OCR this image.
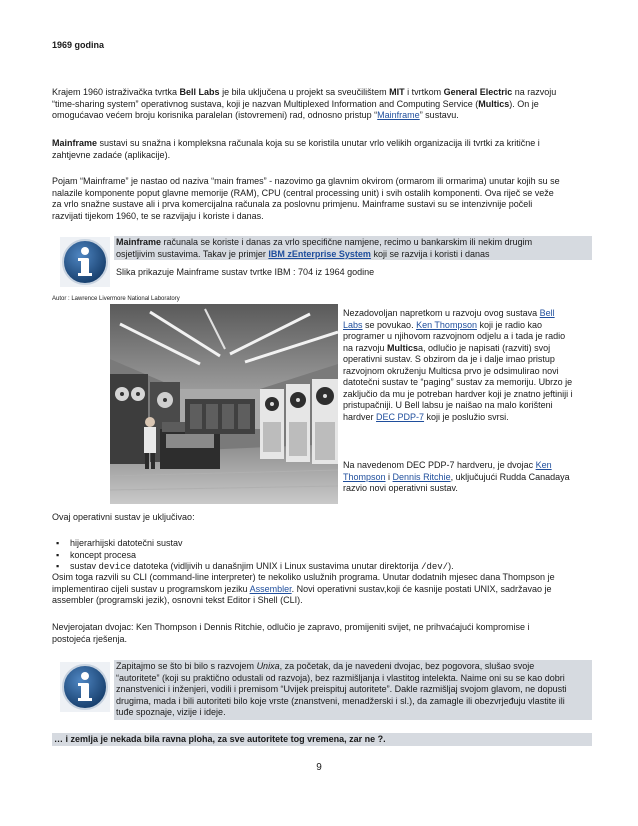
1969 godina

Krajem 1960 istraživačka tvrtka Bell Labs je bila uključena u projekt sa sveučilištem MIT i tvrtkom General Electric na razvoju

“time-sharing system” operativnog sustava, koji je nazvan Multiplexed Information and Computing Service (Multics). On je

omogućavao većem broju korisnika paralelan (istovremeni) rad, odnosno pristup “Mainframe” sustavu.

Mainframe sustavi su snažna i kompleksna računala koja su se koristila unutar vrlo velikih organizacija ili tvrtki za kritične i

zahtjevne zadaće (aplikacije).

Pojam “Mainframe” je nastao od naziva “main frames” - nazovimo ga glavnim okvirom (ormarom ili ormarima) unutar kojih su se

nalazile komponente poput glavne memorije (RAM), CPU (central processing unit) i svih ostalih komponenti. Ova riječ se veže

za vrlo snažne sustave ali i prva komercijalna računala za poslovnu primjenu. Mainframe sustavi su se intenzivnije počeli

razvijati tijekom 1960, te se razvijaju i koriste i danas.

Mainframe računala se koriste i danas za vrlo specifične namjene, recimo u bankarskim ili nekim drugim

osjetljivim sustavima. Takav je primjer IBM zEnterprise System koji se razvija i koristi i danas

Slika prikazuje Mainframe sustav tvrtke IBM : 704 iz 1964 godine

Autor : Lawrence Livermore National Laboratory

Nezadovoljan napretkom u razvoju ovog sustava Bell

Labs se povukao. Ken Thompson koji je radio kao

programer u njihovom razvojnom odjelu a i tada je radio

na razvoju Multicsa, odlučio je napisati (razviti) svoj

operativni sustav. S obzirom da je i dalje imao pristup

razvojnom okruženju Multicsa prvo je odsimulirao novi

datotečni sustav te “paging” sustav za memoriju. Ubrzo je

zaključio da mu je potreban hardver koji je znatno jeftiniji i

pristupačniji. U Bell labsu je naišao na malo korišteni

hardver DEC PDP-7 koji je poslužio svrsi.

Na navedenom DEC PDP-7 hardveru, je dvojac Ken

Thompson i Dennis Ritchie, uključujući Rudda Canadaya

razvio novi operativni sustav.

Ovaj operativni sustav je uključivao:

▪ hijerarhijski datotečni sustav
▪ koncept procesa
▪ sustav device datoteka (vidljivih u današnjim UNIX i Linux sustavima unutar direktorija /dev/).

Osim toga razvili su CLI (command-line interpreter) te nekoliko uslužnih programa. Unutar dodatnih mjesec dana Thompson je

implementirao cijeli sustav u programskom jeziku Assembler. Novi operativni sustav,koji će kasnije postati UNIX, sadržavao je

assembler (programski jezik), osnovni tekst Editor i Shell (CLI).

Nevjerojatan dvojac: Ken Thompson i Dennis Ritchie, odlučio je zapravo, promijeniti svijet, ne prihvaćajući kompromise i

postojeća rješenja.

Zapitajmo se što bi bilo s razvojem Unixa, za početak, da je navedeni dvojac, bez pogovora, slušao svoje

“autoritete” (koji su praktično odustali od razvoja), bez razmišljanja i vlastitog intelekta. Naime oni su se kao dobri

znanstvenici i inženjeri, vodili i premisom “Uvijek preispituj autoritete”. Dakle razmišljaj svojom glavom, ne dopusti

drugima, mada i bili autoriteti bilo koje vrste (znanstveni, menadžerski i sl.), da zamagle ili obezvrjeđuju vlastite ili

tuđe spoznaje, vizije i ideje.

… i zemlja je nekada bila ravna ploha, za sve autoritete tog vremena, zar ne ?.

9
